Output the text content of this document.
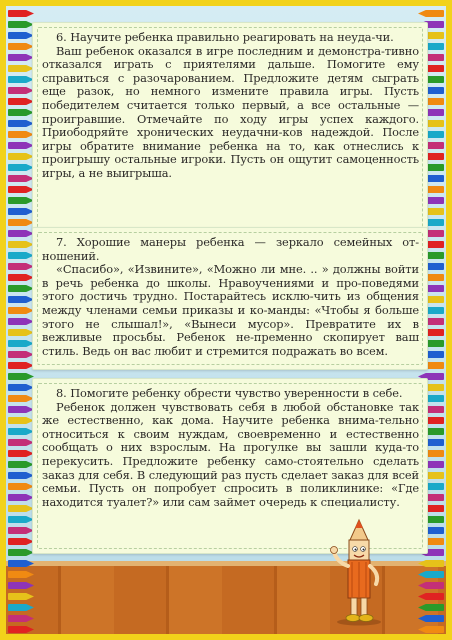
6. Научите ребенка правильно реагировать на неуда-чи.

Ваш ребенок оказался в игре последним и демонстра-тивно отказался играть с приятелями дальше. Помогите ему справиться с разочарованием. Предложите детям сыграть еще разок, но немного измените правила игры. Пусть победителем считается только первый, а все остальные — проигравшие. Отмечайте по ходу игры успех каждого. Приободряйте хронических неудачни-ков надеждой. После игры обратите внимание ребенка на то, как отнеслись к проигрышу остальные игроки. Пусть он ощутит самоценность игры, а не выигрыша.

7. Хорошие манеры ребенка — зеркало семейных от-ношений.

«Спасибо», «Извините», «Можно ли мне. .. » должны войти в речь ребенка до школы. Нравоучениями и про-поведями этого достичь трудно. Постарайтесь исклю-чить из общения между членами семьи приказы и ко-манды: «Чтобы я больше этого не слышал!», «Вынеси мусор». Превратите их в вежливые просьбы. Ребенок не-пременно скопирует ваш стиль. Ведь он вас любит и стремится подражать во всем.

8. Помогите ребенку обрести чувство уверенности в себе.

Ребенок должен чувствовать себя в любой обстановке так же естественно, как дома. Научите ребенка внима-тельно относиться к своим нуждам, своевременно и естественно сообщать о них взрослым. На прогулке вы зашли куда-то перекусить. Предложите ребенку само-стоятельно сделать заказ для себя. В следующий раз пусть сделает заказ для всей семьи. Пусть он попробует спросить в поликлинике: «Где находится туалет?» или сам займет очередь к специалисту.
